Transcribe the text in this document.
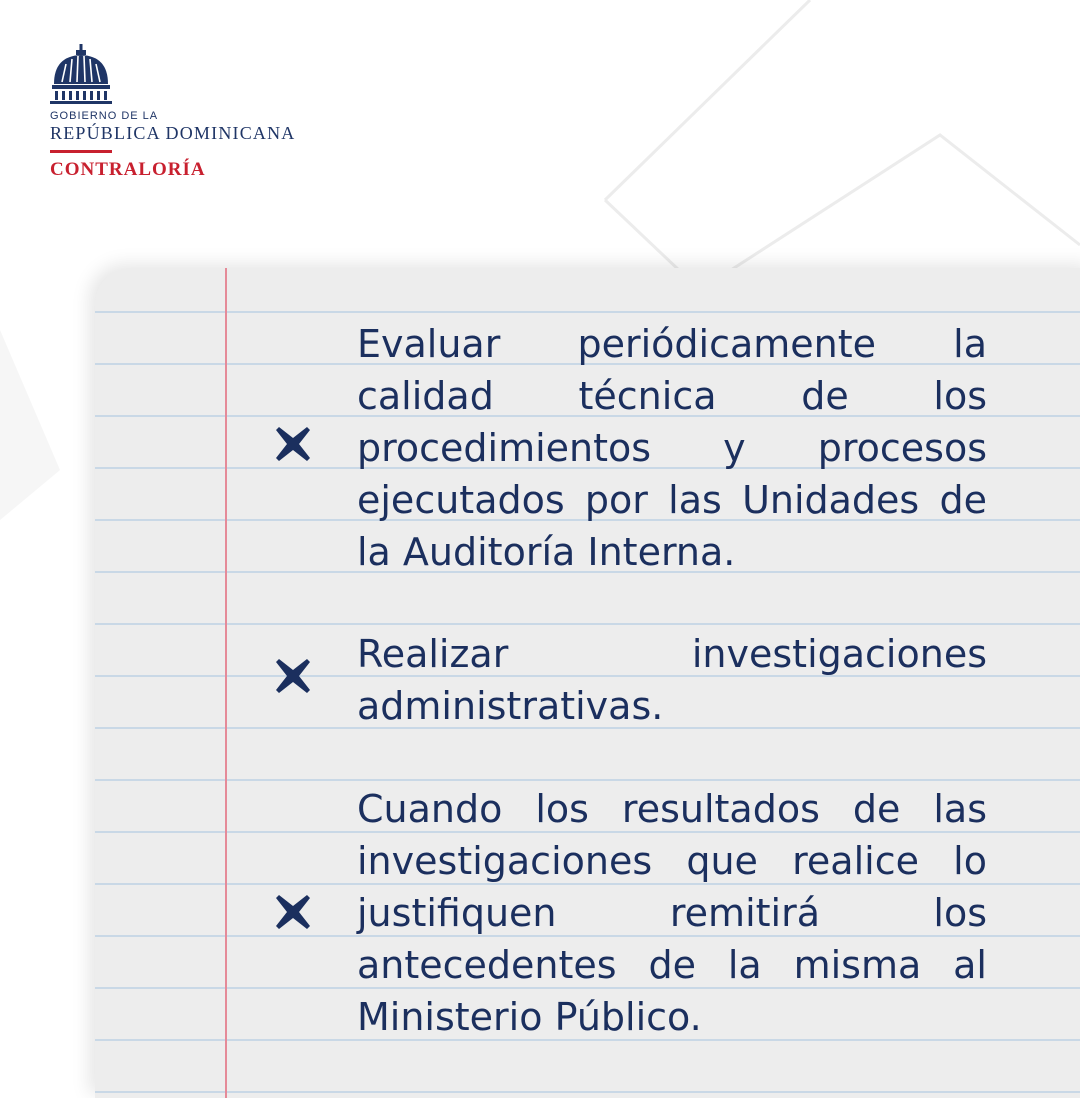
GOBIERNO DE LA
REPÚBLICA DOMINICANA
CONTRALORÍA

Evaluar periódicamente la calidad técnica de los procedimientos y procesos ejecutados por las Unidades de la Auditoría Interna.

Realizar investigaciones administrativas.

Cuando los resultados de las investigaciones que realice lo justifiquen remitirá los antecedentes de la misma al Ministerio Público.
